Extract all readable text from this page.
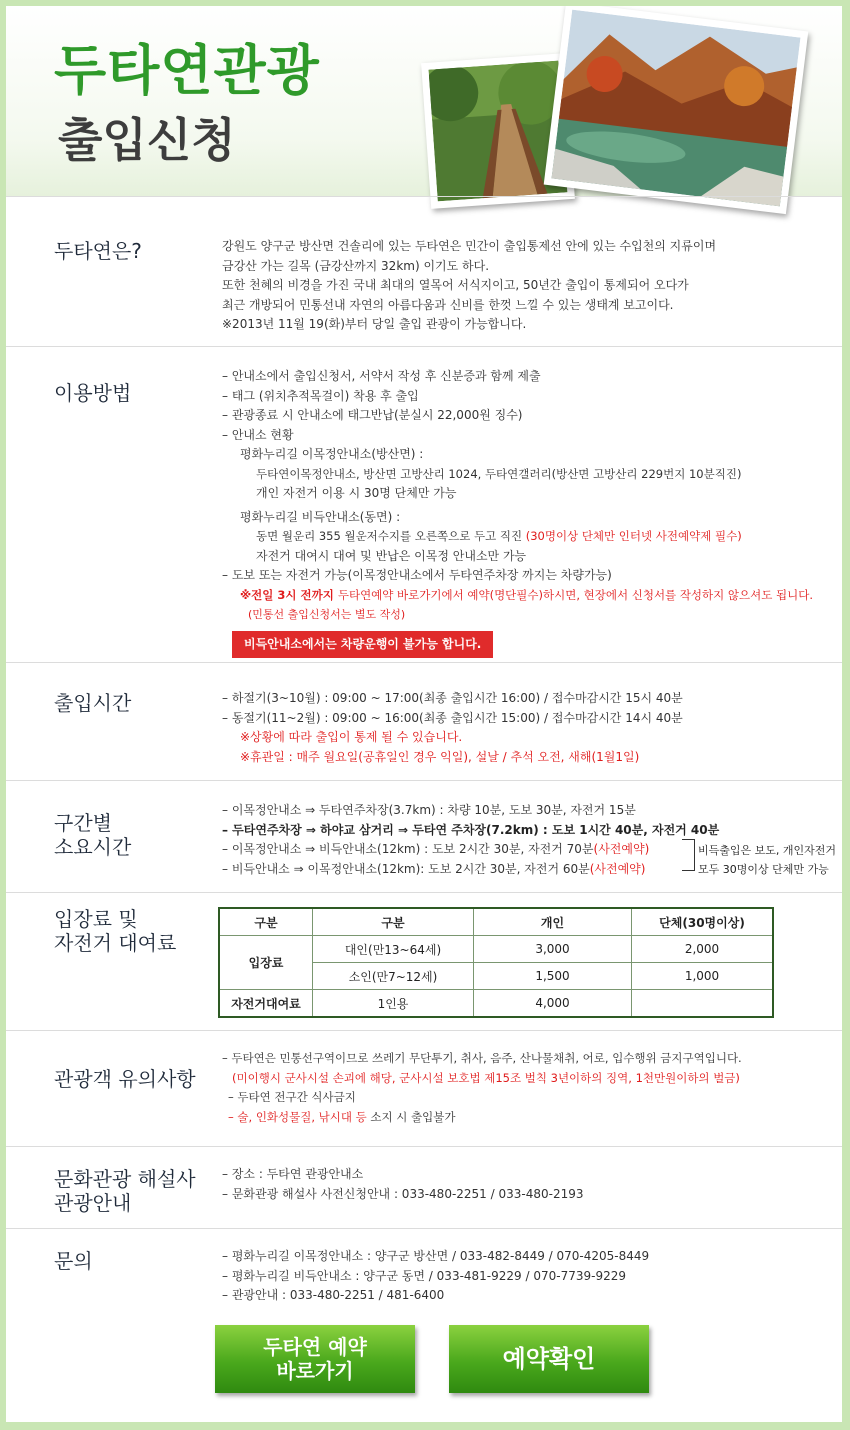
두타연관광
출입신청
두타연은?	강원도 양구군 방산면 건솔리에 있는 두타연은 민간이 출입통제선 안에 있는 수입천의 지류이며
금강산 가는 길목 (금강산까지 32km) 이기도 하다.
또한 천혜의 비경을 가진 국내 최대의 열목어 서식지이고, 50년간 출입이 통제되어 오다가
최근 개방되어 민통선내 자연의 아름다움과 신비를 한껏 느낄 수 있는 생태계 보고이다.
※2013년 11월 19(화)부터 당일 출입 관광이 가능합니다.
이용방법
– 안내소에서 출입신청서, 서약서 작성 후 신분증과 함께 제출
– 태그 (위치추적목걸이) 착용 후 출입
– 관광종료 시 안내소에 태그반납(분실시 22,000원 징수)
– 안내소 현황
평화누리길 이목정안내소(방산면) :
두타연이목정안내소, 방산면 고방산리 1024, 두타연갤러리(방산면 고방산리 229번지 10분직진)
개인 자전거 이용 시 30명 단체만 가능
평화누리길 비득안내소(동면) :
동면 월운리 355 월운저수지를 오른쪽으로 두고 직진 (30명이상 단체만 인터넷 사전예약제 필수)
자전거 대여시 대여 및 반납은 이목정 안내소만 가능
– 도보 또는 자전거 가능(이목정안내소에서 두타연주차장 까지는 차량가능)
※전일 3시 전까지 두타연예약 바로가기에서 예약(명단필수)하시면, 현장에서 신청서를 작성하지 않으셔도 됩니다.
(민통선 출입신청서는 별도 작성)
비득안내소에서는 차량운행이 불가능 합니다.
출입시간	– 하절기(3~10월) : 09:00 ~ 17:00(최종 출입시간 16:00) / 접수마감시간 15시 40분
– 동절기(11~2월) : 09:00 ~ 16:00(최종 출입시간 15:00) / 접수마감시간 14시 40분
※상황에 따라 출입이 통제 될 수 있습니다.
※휴관일 : 매주 월요일(공휴일인 경우 익일), 설날 / 추석 오전, 새해(1월1일)
구간별
소요시간
– 이목정안내소 ⇒ 두타연주차장(3.7km) : 차량 10분, 도보 30분, 자전거 15분
– 두타연주차장 ⇒ 하야교 삼거리 ⇒ 두타연 주차장(7.2km) : 도보 1시간 40분, 자전거 40분
– 이목정안내소 ⇒ 비득안내소(12km) : 도보 2시간 30분, 자전거 70분(사전예약)
– 비득안내소 ⇒ 이목정안내소(12km): 도보 2시간 30분, 자전거 60분(사전예약)
비득출입은 보도, 개인자전거
모두 30명이상 단체만 가능
입장료 및
자전거 대여료
구분	구분	개인	단체(30명이상)
입장료	대인(만13~64세)	3,000	2,000
	소인(만7~12세)	1,500	1,000
자전거대여료	1인용	4,000	
관광객 유의사항
– 두타연은 민통선구역이므로 쓰레기 무단투기, 취사, 음주, 산나물채취, 어로, 입수행위 금지구역입니다.
(미이행시 군사시설 손괴에 해당, 군사시설 보호법 제15조 벌칙 3년이하의 징역, 1천만원이하의 벌금)
– 두타연 전구간 식사금지
– 술, 인화성물질, 낚시대 등 소지 시 출입불가
문화관광 해설사
관광안내
– 장소 : 두타연 관광안내소
– 문화관광 해설사 사전신청안내 : 033-480-2251 / 033-480-2193
문의	– 평화누리길 이목정안내소 : 양구군 방산면 / 033-482-8449 / 070-4205-8449
– 평화누리길 비득안내소 : 양구군 동면 / 033-481-9229 / 070-7739-9229
– 관광안내 : 033-480-2251 / 481-6400
두타연 예약
바로가기	예약확인
